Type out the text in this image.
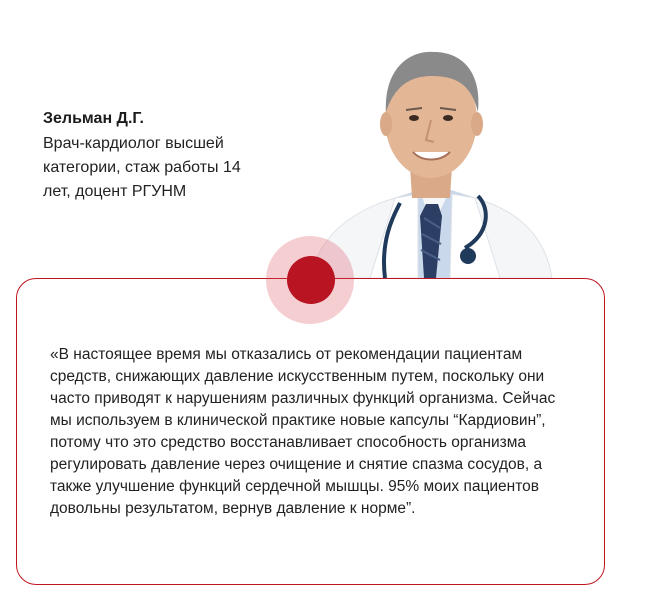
Зельман Д.Г.
Врач-кардиолог высшей категории, стаж работы 14 лет, доцент РГУНМ
«В настоящее время мы отказались от рекомендации пациентам средств, снижающих давление искусственным путем, поскольку они часто приводят к нарушениям различных функций организма. Сейчас мы используем в клинической практике новые капсулы “Кардиовин”, потому что это средство восстанавливает способность организма регулировать давление через очищение и снятие спазма сосудов, а также улучшение функций сердечной мышцы. 95% моих пациентов довольны результатом, вернув давление к норме”.
